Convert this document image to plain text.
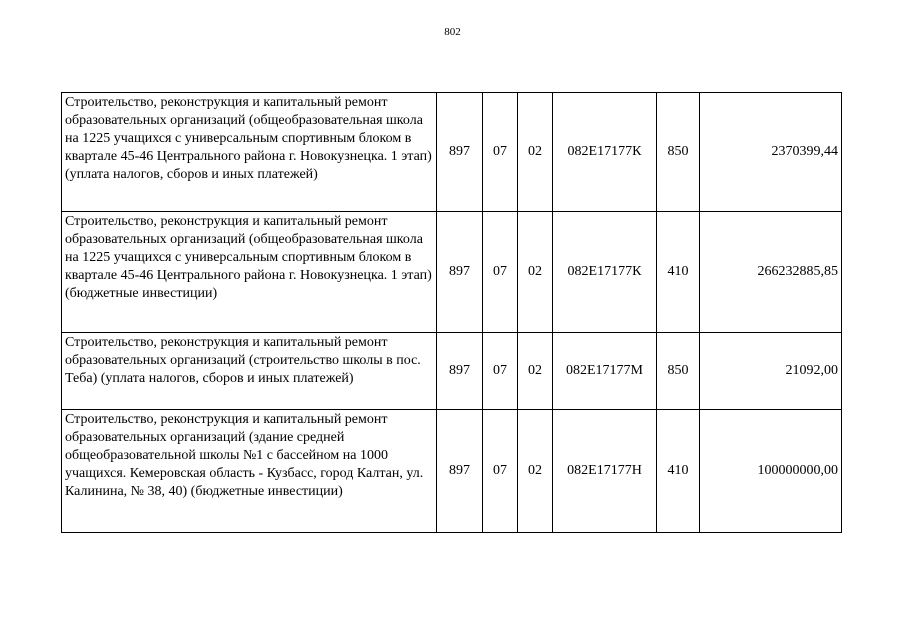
802
Строительство, реконструкция и капитальный ремонт образовательных организаций (общеобразовательная школа на 1225 учащихся с универсальным спортивным блоком в квартале 45-46 Центрального района г. Новокузнецка. 1 этап) (уплата налогов, сборов и иных платежей)	897	07	02	082E17177К	850	2370399,44
Строительство, реконструкция и капитальный ремонт образовательных организаций (общеобразовательная школа на 1225 учащихся с универсальным спортивным блоком в квартале 45-46 Центрального района г. Новокузнецка. 1 этап) (бюджетные инвестиции)	897	07	02	082E17177К	410	266232885,85
Строительство, реконструкция и капитальный ремонт образовательных организаций (строительство школы в пос. Теба) (уплата налогов, сборов и иных платежей)	897	07	02	082E17177М	850	21092,00
Строительство, реконструкция и капитальный ремонт образовательных организаций (здание средней общеобразовательной школы №1 с бассейном на 1000 учащихся. Кемеровская область - Кузбасс, город Калтан, ул. Калинина, № 38, 40) (бюджетные инвестиции)	897	07	02	082E17177Н	410	100000000,00
